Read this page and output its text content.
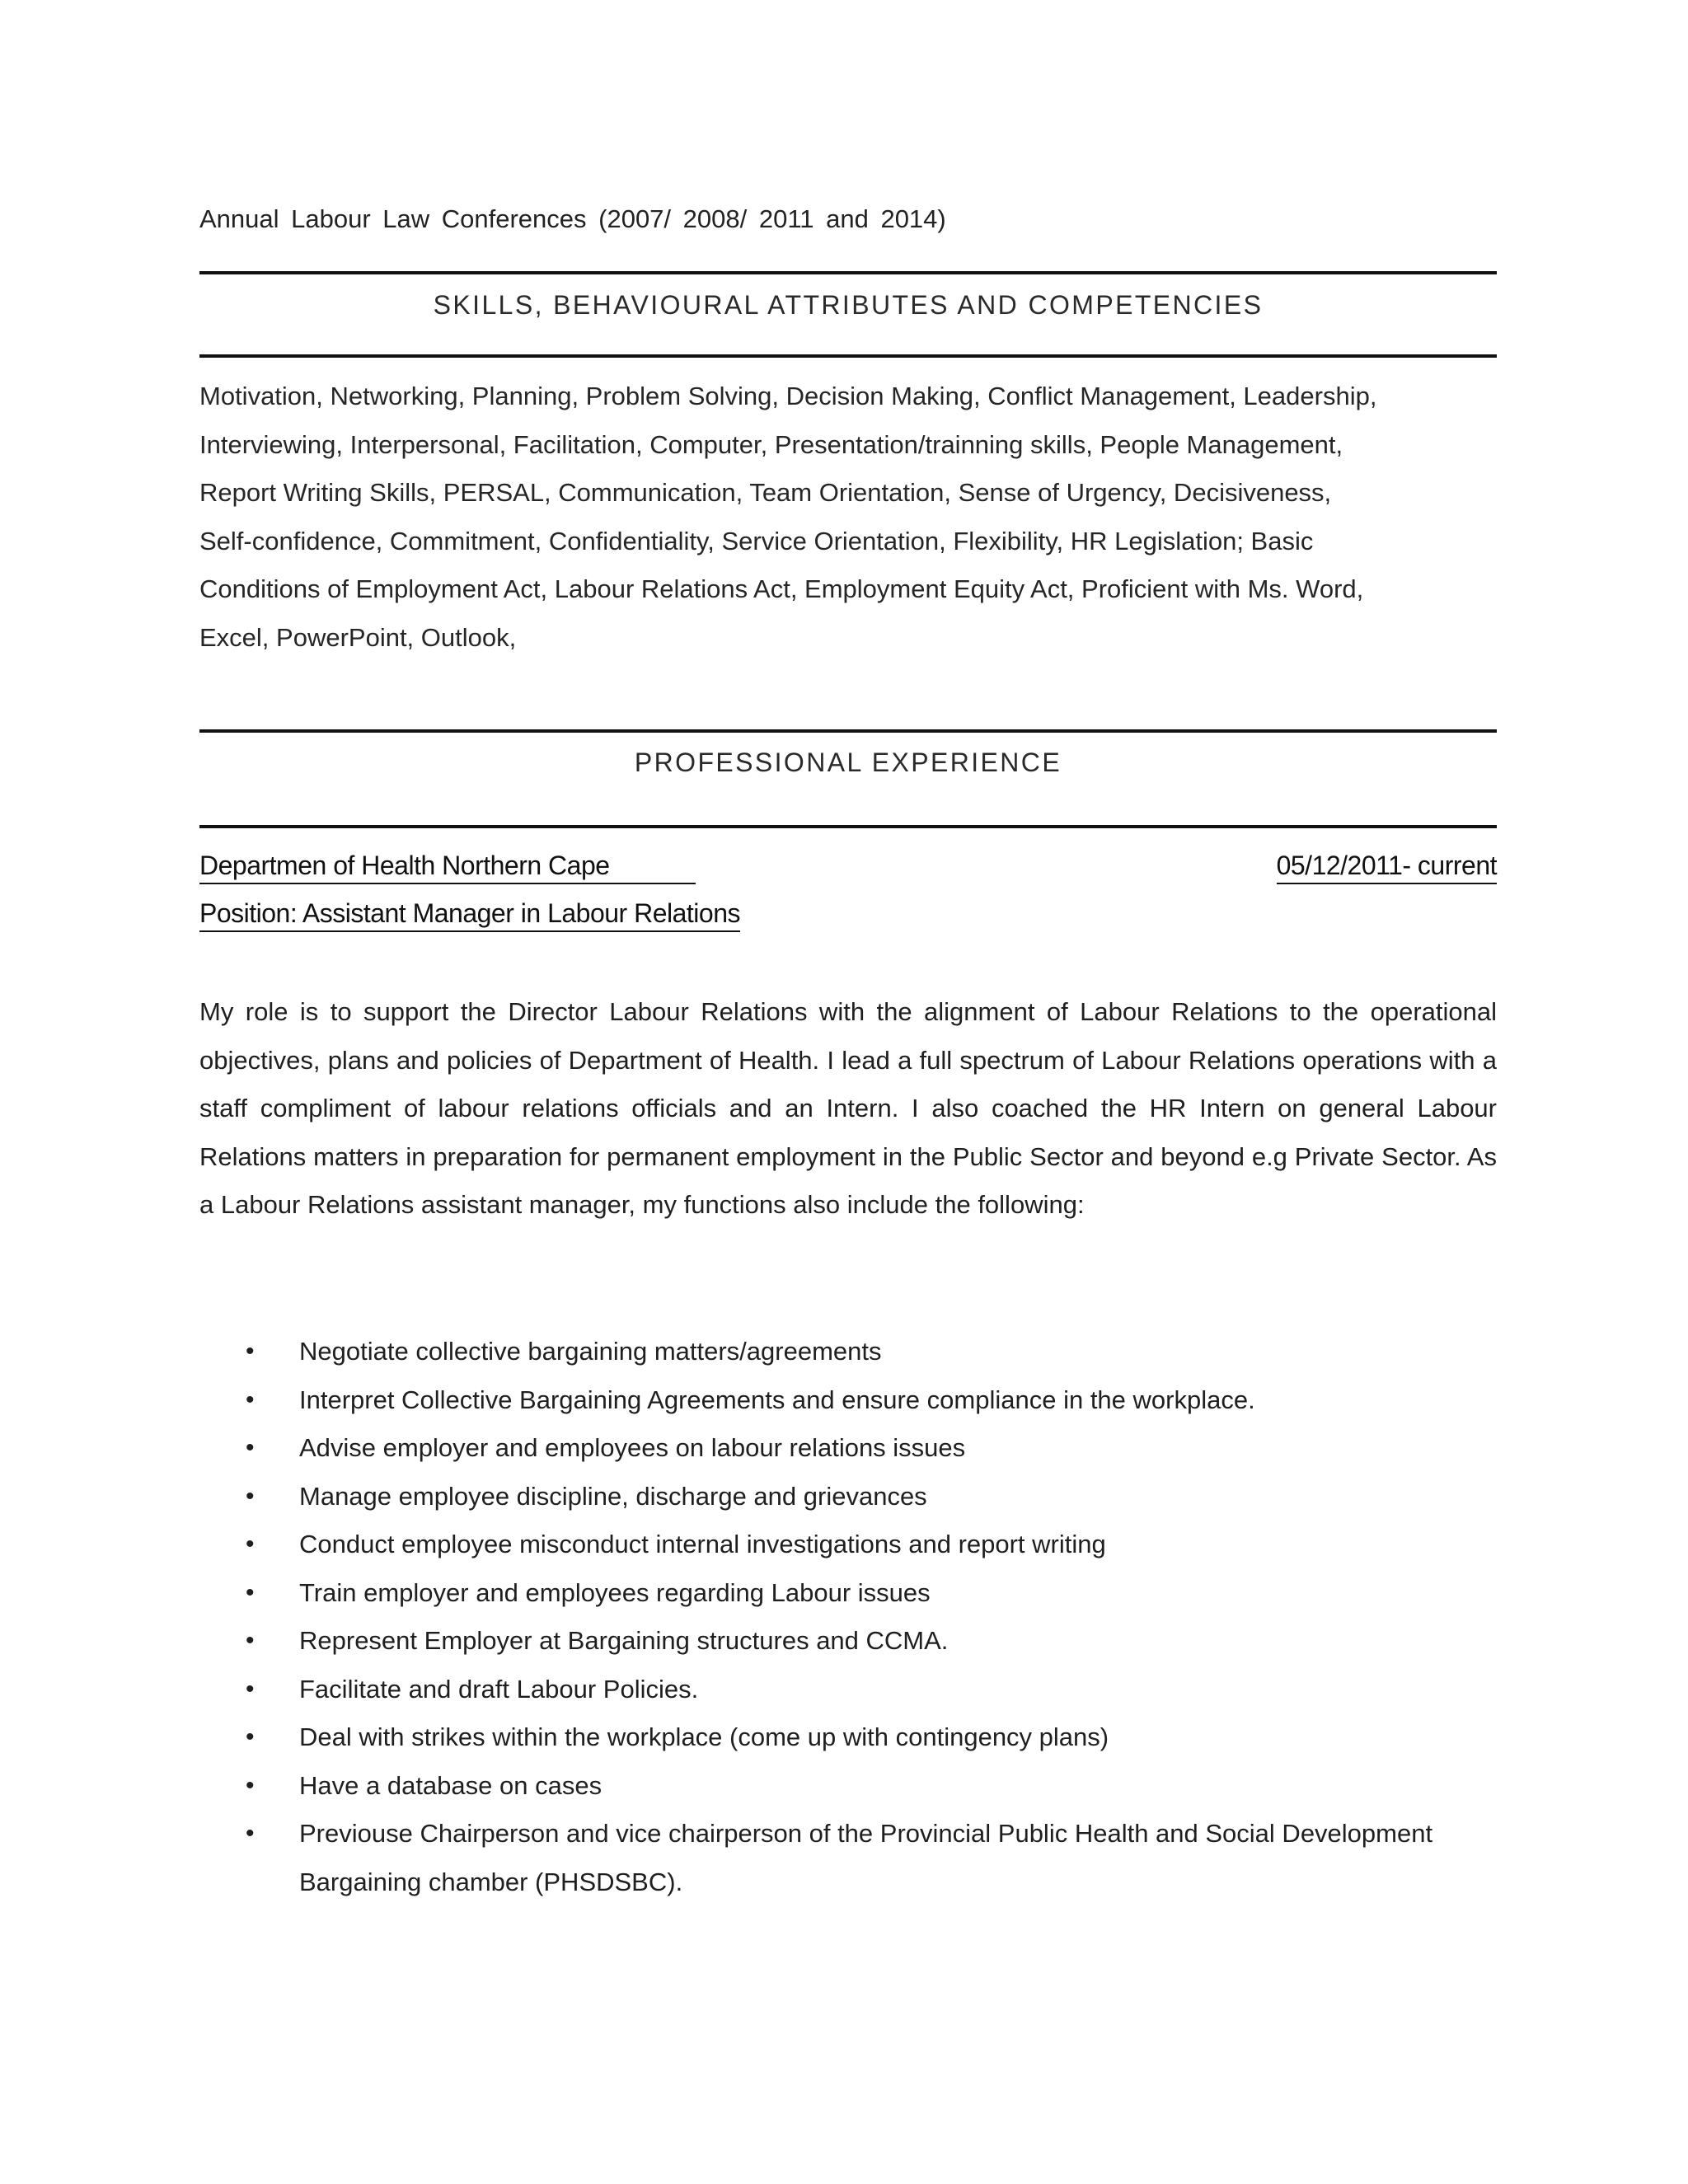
Annual Labour Law Conferences (2007/ 2008/ 2011 and 2014)
SKILLS, BEHAVIOURAL ATTRIBUTES AND COMPETENCIES
Motivation, Networking, Planning, Problem Solving, Decision Making, Conflict Management, Leadership,
Interviewing, Interpersonal, Facilitation, Computer, Presentation/trainning skills, People Management,
Report Writing Skills, PERSAL, Communication, Team Orientation, Sense of Urgency, Decisiveness,
Self-confidence, Commitment, Confidentiality, Service Orientation, Flexibility, HR Legislation; Basic
Conditions of Employment Act, Labour Relations Act, Employment Equity Act, Proficient with Ms. Word,
Excel, PowerPoint, Outlook,
PROFESSIONAL EXPERIENCE
Departmen of Health Northern Cape	05/12/2011- current
Position: Assistant Manager in Labour Relations
My role is to support the Director Labour Relations with the alignment of Labour Relations to the operational objectives, plans and policies of Department of Health. I lead a full spectrum of Labour Relations operations with a staff compliment of labour relations officials and an Intern. I also coached the HR Intern on general Labour Relations matters in preparation for permanent employment in the Public Sector and beyond e.g Private Sector. As a Labour Relations assistant manager, my functions also include the following:
• Negotiate collective bargaining matters/agreements
• Interpret Collective Bargaining Agreements and ensure compliance in the workplace.
• Advise employer and employees on labour relations issues
• Manage employee discipline, discharge and grievances
• Conduct employee misconduct internal investigations and report writing
• Train employer and employees regarding Labour issues
• Represent Employer at Bargaining structures and CCMA.
• Facilitate and draft Labour Policies.
• Deal with strikes within the workplace (come up with contingency plans)
• Have a database on cases
• Previouse Chairperson and vice chairperson of the Provincial Public Health and Social Development Bargaining chamber (PHSDSBC).
